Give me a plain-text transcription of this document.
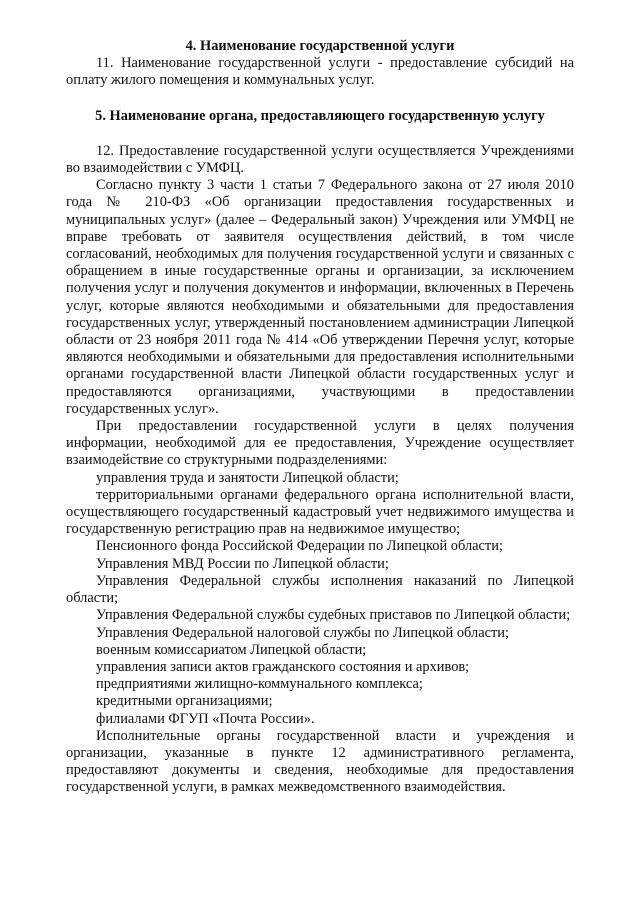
4. Наименование государственной услуги

11. Наименование государственной услуги - предоставление субсидий на оплату жилого помещения и коммунальных услуг.

5. Наименование органа, предоставляющего государственную услугу

12. Предоставление государственной услуги осуществляется Учреждениями во взаимодействии с УМФЦ.

Согласно пункту 3 части 1 статьи 7 Федерального закона от 27 июля 2010 года № 210-ФЗ «Об организации предоставления государственных и муниципальных услуг» (далее – Федеральный закон) Учреждения или УМФЦ не вправе требовать от заявителя осуществления действий, в том числе согласований, необходимых для получения государственной услуги и связанных с обращением в иные государственные органы и организации, за исключением получения услуг и получения документов и информации, включенных в Перечень услуг, которые являются необходимыми и обязательными для предоставления государственных услуг, утвержденный постановлением администрации Липецкой области от 23 ноября 2011 года № 414 «Об утверждении Перечня услуг, которые являются необходимыми и обязательными для предоставления исполнительными органами государственной власти Липецкой области государственных услуг и предоставляются организациями, участвующими в предоставлении государственных услуг».

При предоставлении государственной услуги в целях получения информации, необходимой для ее предоставления, Учреждение осуществляет взаимодействие со структурными подразделениями:

управления труда и занятости Липецкой области;

территориальными органами федерального органа исполнительной власти, осуществляющего государственный кадастровый учет недвижимого имущества и государственную регистрацию прав на недвижимое имущество;

Пенсионного фонда Российской Федерации по Липецкой области;

Управления МВД России по Липецкой области;

Управления Федеральной службы исполнения наказаний по Липецкой области;

Управления Федеральной службы судебных приставов по Липецкой области;

Управления Федеральной налоговой службы по Липецкой области;

военным комиссариатом Липецкой области;

управления записи актов гражданского состояния и архивов;

предприятиями жилищно-коммунального комплекса;

кредитными организациями;

филиалами ФГУП «Почта России».

Исполнительные органы государственной власти и учреждения и организации, указанные в пункте 12 административного регламента, предоставляют документы и сведения, необходимые для предоставления государственной услуги, в рамках межведомственного взаимодействия.
